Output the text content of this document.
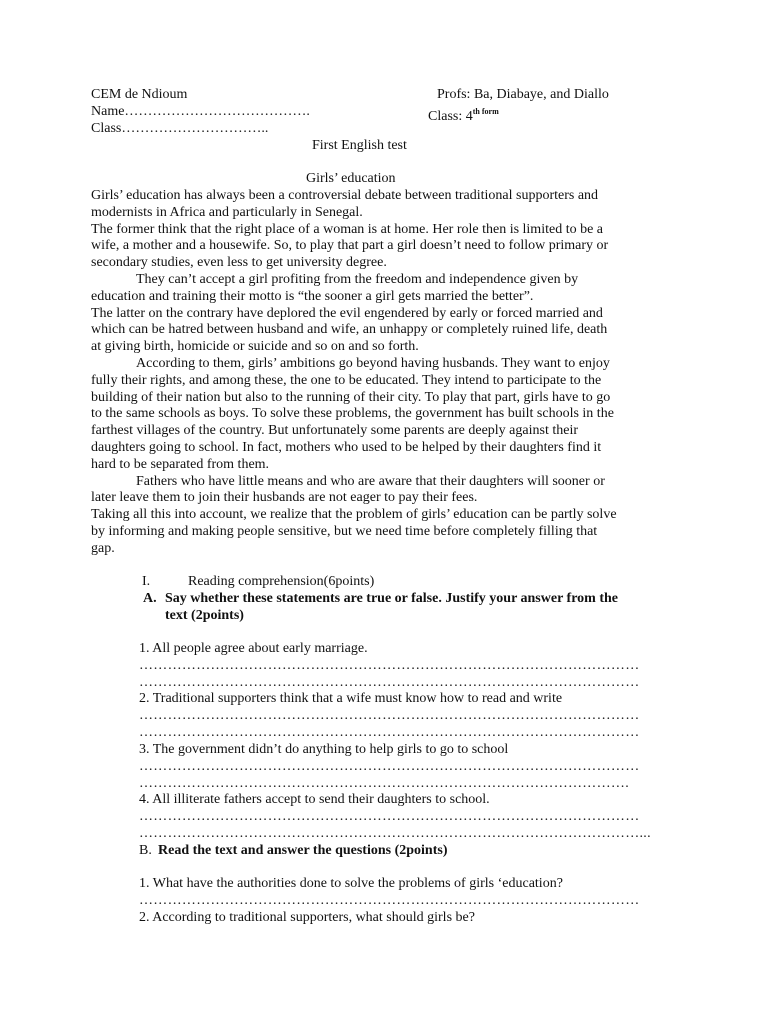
CEM de Ndioum	Profs: Ba, Diabaye, and Diallo
Name………………………………….	Class: $4^{th form}$
Class…………………………..
First English test
Girls’ education
Girls’ education has always been a controversial debate between traditional supporters and
modernists in Africa and particularly in Senegal.
The former think that the right place of a woman is at home. Her role then is limited to be a
wife, a mother and a housewife. So, to play that part a girl doesn’t need to follow primary or
secondary studies, even less to get university degree.
They can’t accept a girl profiting from the freedom and independence given by
education and training their motto is “the sooner a girl gets married the better”.
The latter on the contrary have deplored the evil engendered by early or forced married and
which can be hatred between husband and wife, an unhappy or completely ruined life, death
at giving birth, homicide or suicide and so on and so forth.
According to them, girls’ ambitions go beyond having husbands. They want to enjoy
fully their rights, and among these, the one to be educated. They intend to participate to the
building of their nation but also to the running of their city. To play that part, girls have to go
to the same schools as boys. To solve these problems, the government has built schools in the
farthest villages of the country. But unfortunately some parents are deeply against their
daughters going to school. In fact, mothers who used to be helped by their daughters find it
hard to be separated from them.
Fathers who have little means and who are aware that their daughters will sooner or
later leave them to join their husbands are not eager to pay their fees.
Taking all this into account, we realize that the problem of girls’ education can be partly solve
by informing and making people sensitive, but we need time before completely filling that
gap.
I.	Reading comprehension(6points)
A. Say whether these statements are true or false. Justify your answer from the
text (2points)
1. All people agree about early marriage.
……………………………………………………………………………………………
……………………………………………………………………………………………
2. Traditional supporters think that a wife must know how to read and write
……………………………………………………………………………………………
……………………………………………………………………………………………
3. The government didn’t do anything to help girls to go to school
……………………………………………………………………………………………
………………………………………………………………………………………….
4. All illiterate fathers accept to send their daughters to school.
……………………………………………………………………………………………
……………………………………………………………………………………………...
B. Read the text and answer the questions (2points)
1. What have the authorities done to solve the problems of girls ‘education?
……………………………………………………………………………………………
2. According to traditional supporters, what should girls be?
